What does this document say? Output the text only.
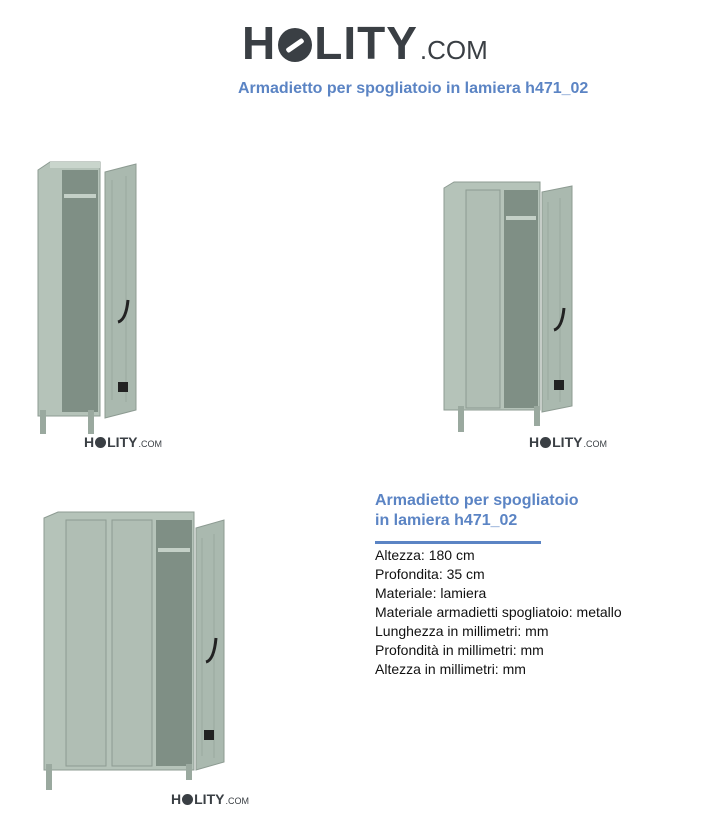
H LITY .COM
Armadietto per spogliatoio in lamiera h471_02
H LITY .COM	H LITY .COM
H LITY .COM
Armadietto per spogliatoio
in lamiera h471_02
Altezza: 180 cm
Profondita: 35 cm
Materiale: lamiera
Materiale armadietti spogliatoio: metallo
Lunghezza in millimetri: mm
Profondità in millimetri: mm
Altezza in millimetri: mm
